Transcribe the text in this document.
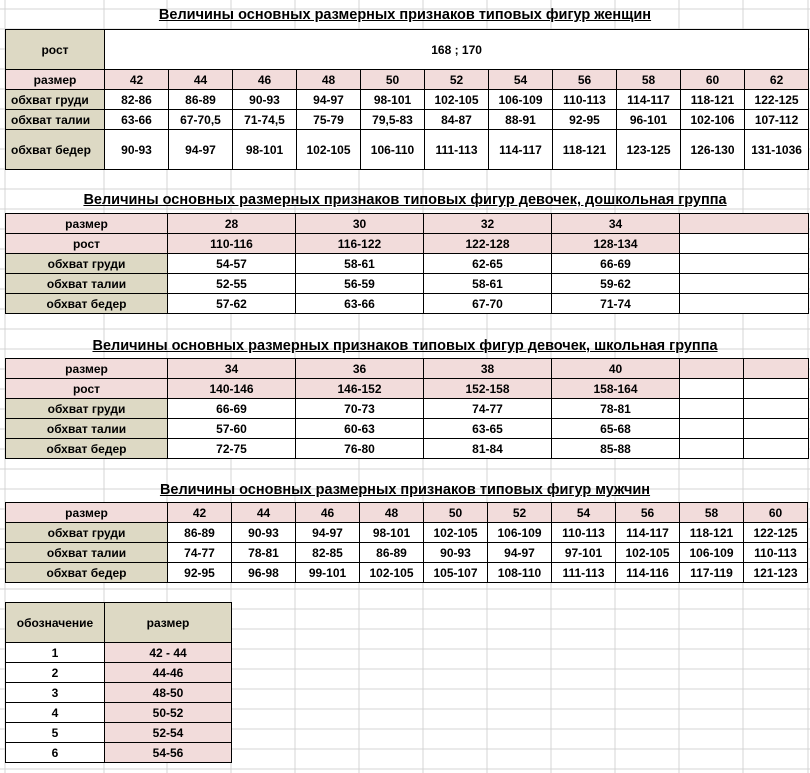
Величины основных размерных признаков типовых фигур женщин
рост	168 ; 170										
размер	42	44	46	48	50	52	54	56	58	60	62
обхват груди	82-86	86-89	90-93	94-97	98-101	102-105	106-109	110-113	114-117	118-121	122-125
обхват талии	63-66	67-70,5	71-74,5	75-79	79,5-83	84-87	88-91	92-95	96-101	102-106	107-112
обхват бедер	90-93	94-97	98-101	102-105	106-110	111-113	114-117	118-121	123-125	126-130	131-1036
Величины основных размерных признаков типовых фигур девочек, дошкольная группа
размер	28	30	32	34	
рост	110-116	116-122	122-128	128-134	
обхват груди	54-57	58-61	62-65	66-69	
обхват талии	52-55	56-59	58-61	59-62	
обхват бедер	57-62	63-66	67-70	71-74	
Величины основных размерных признаков типовых фигур девочек, школьная группа
размер	34	36	38	40		
рост	140-146	146-152	152-158	158-164		
обхват груди	66-69	70-73	74-77	78-81		
обхват талии	57-60	60-63	63-65	65-68		
обхват бедер	72-75	76-80	81-84	85-88		
Величины основных размерных признаков типовых фигур мужчин
размер	42	44	46	48	50	52	54	56	58	60
обхват груди	86-89	90-93	94-97	98-101	102-105	106-109	110-113	114-117	118-121	122-125
обхват талии	74-77	78-81	82-85	86-89	90-93	94-97	97-101	102-105	106-109	110-113
обхват бедер	92-95	96-98	99-101	102-105	105-107	108-110	111-113	114-116	117-119	121-123
обозначение	размер
1	42 - 44
2	44-46
3	48-50
4	50-52
5	52-54
6	54-56
